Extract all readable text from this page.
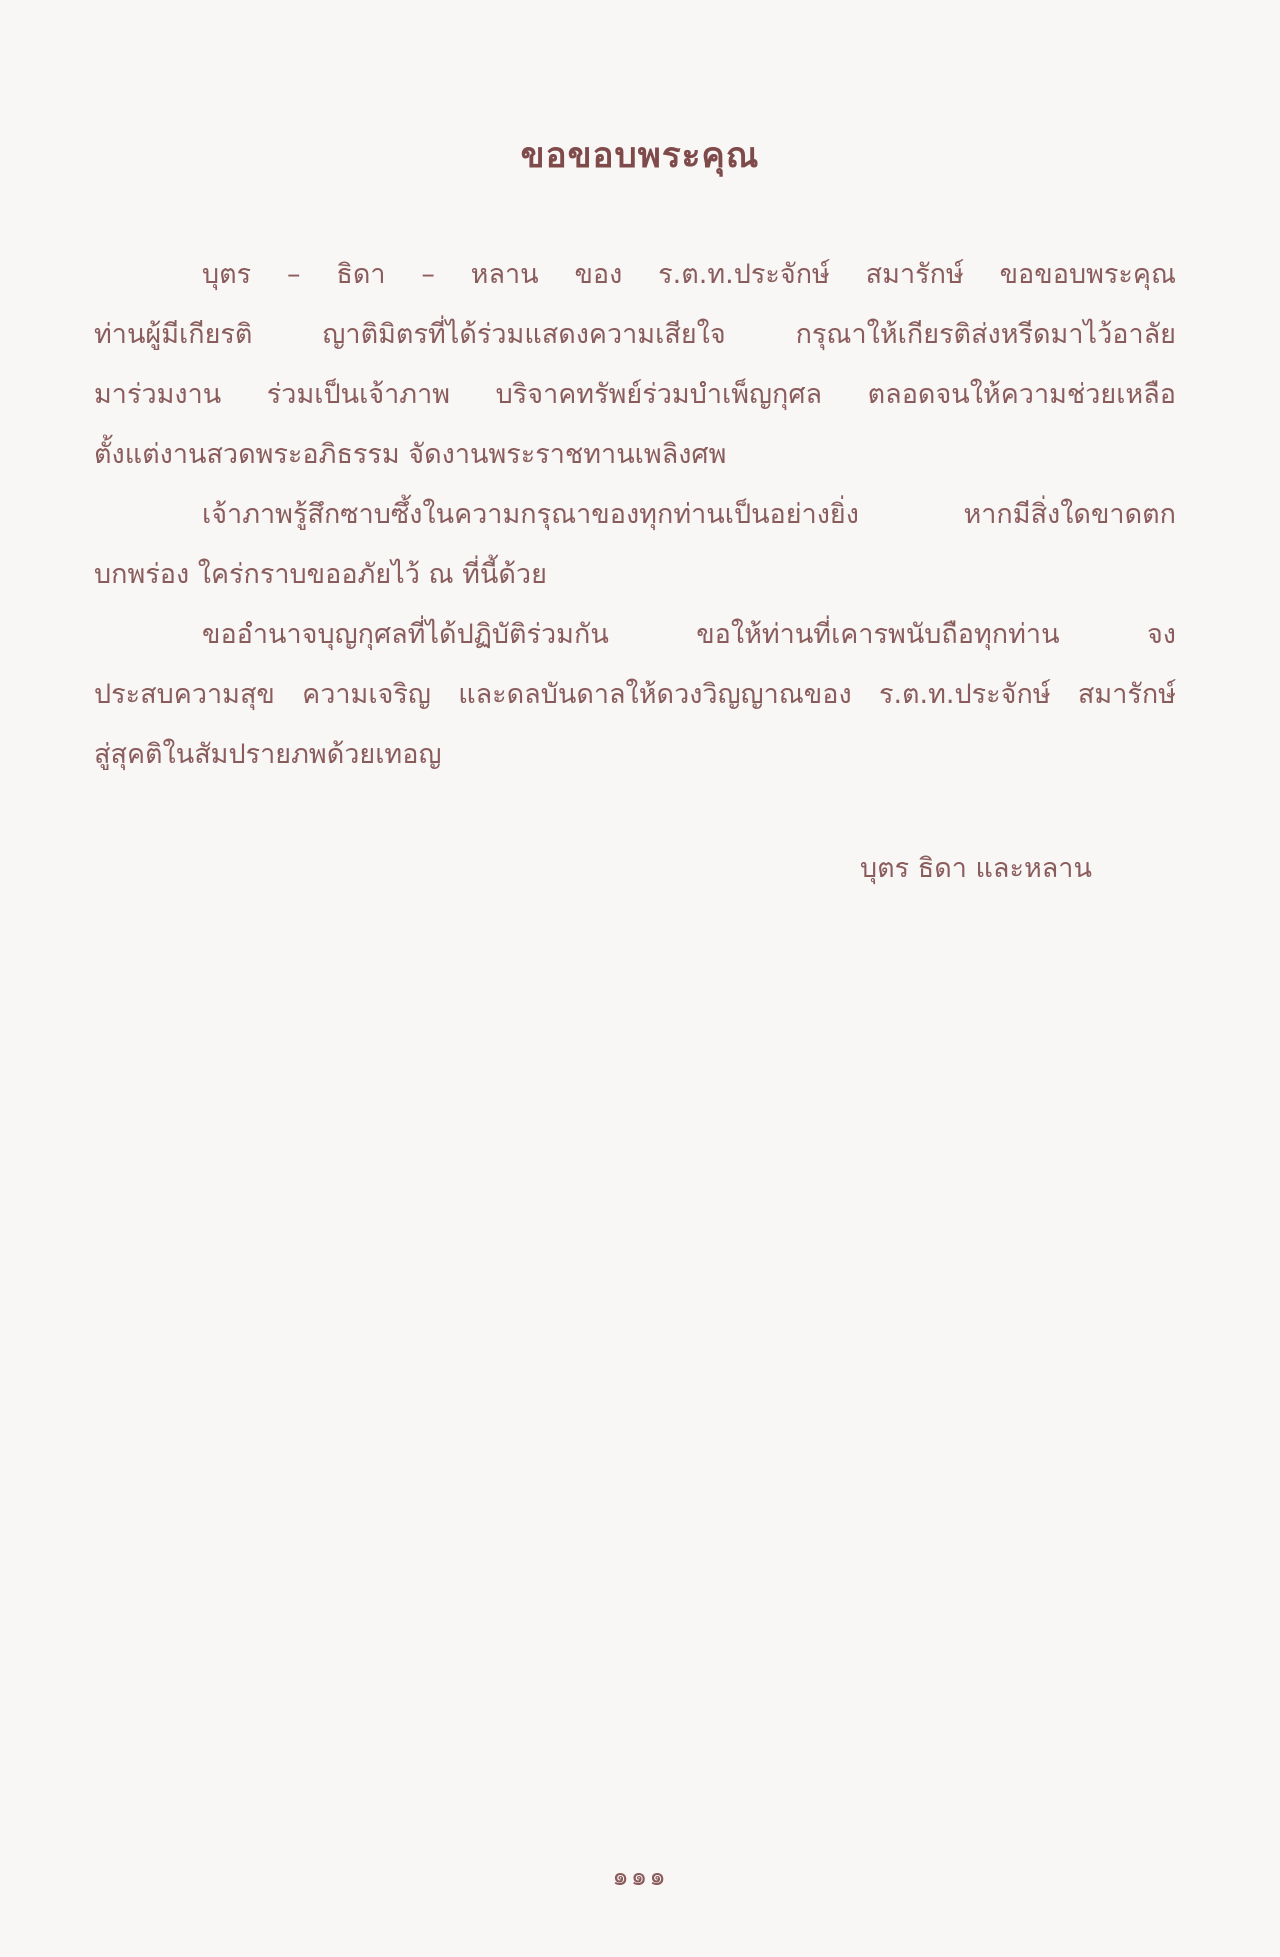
ขอขอบพระคุณ
บุตร – ธิดา – หลาน ของ ร.ต.ท.ประจักษ์ สมารักษ์ ขอขอบพระคุณ
ท่านผู้มีเกียรติ ญาติมิตรที่ได้ร่วมแสดงความเสียใจ กรุณาให้เกียรติส่งหรีดมาไว้อาลัย
มาร่วมงาน ร่วมเป็นเจ้าภาพ บริจาคทรัพย์ร่วมบำเพ็ญกุศล ตลอดจนให้ความช่วยเหลือ
ตั้งแต่งานสวดพระอภิธรรม จัดงานพระราชทานเพลิงศพ
เจ้าภาพรู้สึกซาบซึ้งในความกรุณาของทุกท่านเป็นอย่างยิ่ง หากมีสิ่งใดขาดตก
บกพร่อง ใคร่กราบขออภัยไว้ ณ ที่นี้ด้วย
ขออำนาจบุญกุศลที่ได้ปฏิบัติร่วมกัน ขอให้ท่านที่เคารพนับถือทุกท่าน จง
ประสบความสุข ความเจริญ และดลบันดาลให้ดวงวิญญาณของ ร.ต.ท.ประจักษ์ สมารักษ์
สู่สุคติในสัมปรายภพด้วยเทอญ
บุตร ธิดา และหลาน
๑๑๑
